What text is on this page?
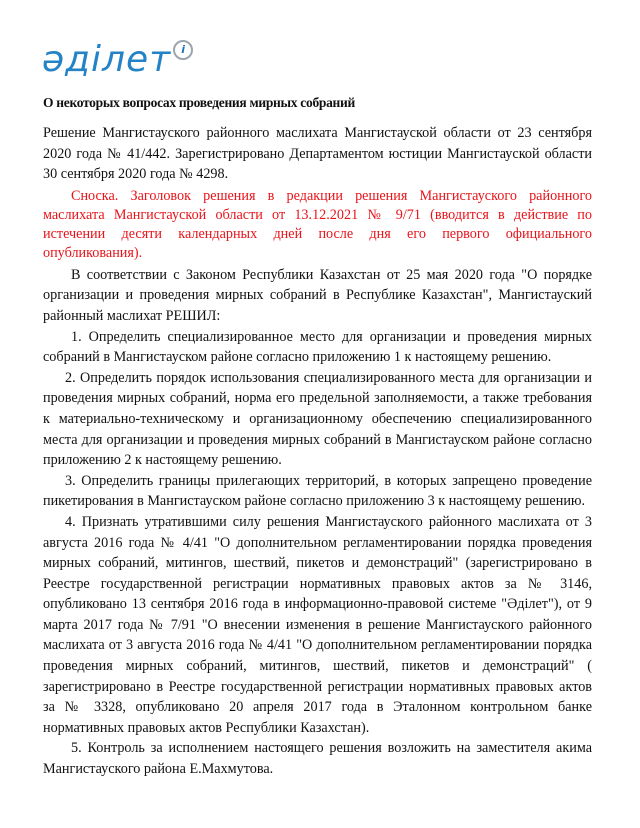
әділет i
О некоторых вопросах проведения мирных собраний

Решение Мангистауского районного маслихата Мангистауской области от 23 сентября 2020 года № 41/442. Зарегистрировано Департаментом юстиции Мангистауской области 30 сентября 2020 года № 4298.

Сноска. Заголовок решения в редакции решения Мангистауского районного маслихата Мангистауской области от 13.12.2021 № 9/71 (вводится в действие по истечении десяти календарных дней после дня его первого официального опубликования).

В соответствии с Законом Республики Казахстан от 25 мая 2020 года "О порядке организации и проведения мирных собраний в Республике Казахстан", Мангистауский районный маслихат РЕШИЛ:

1. Определить специализированное место для организации и проведения мирных собраний в Мангистауском районе согласно приложению 1 к настоящему решению.

2. Определить порядок использования специализированного места для организации и проведения мирных собраний, норма его предельной заполняемости, а также требования к материально-техническому и организационному обеспечению специализированного места для организации и проведения мирных собраний в Мангистауском районе согласно приложению 2 к настоящему решению.

3. Определить границы прилегающих территорий, в которых запрещено проведение пикетирования в Мангистауском районе согласно приложению 3 к настоящему решению.

4. Признать утратившими силу решения Мангистауского районного маслихата от 3 августа 2016 года № 4/41 "О дополнительном регламентировании порядка проведения мирных собраний, митингов, шествий, пикетов и демонстраций" (зарегистрировано в Реестре государственной регистрации нормативных правовых актов за № 3146, опубликовано 13 сентября 2016 года в информационно-правовой системе "Әділет"), от 9 марта 2017 года № 7/91 "О внесении изменения в решение Мангистауского районного маслихата от 3 августа 2016 года № 4/41 "О дополнительном регламентировании порядка проведения мирных собраний, митингов, шествий, пикетов и демонстраций" ( зарегистрировано в Реестре государственной регистрации нормативных правовых актов за № 3328, опубликовано 20 апреля 2017 года в Эталонном контрольном банке нормативных правовых актов Республики Казахстан).

5. Контроль за исполнением настоящего решения возложить на заместителя акима Мангистауского района Е.Махмутова.
